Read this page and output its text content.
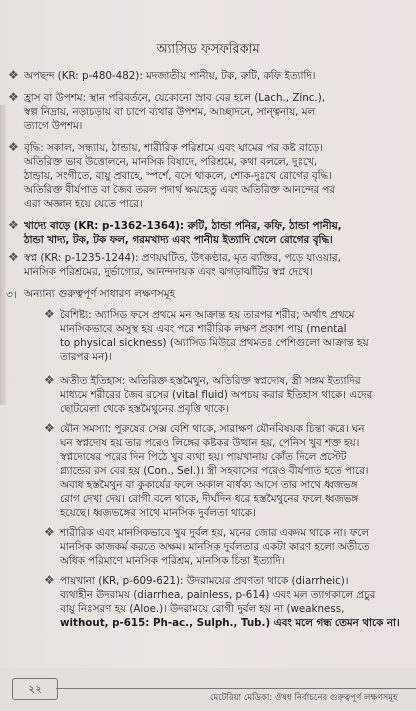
অ্যাসিড ফসফরিকাম
❖ অপছন্দ (KR: p-480-482): মদজাতীয় পানীয়, টক, রুটি, কফি ইত্যাদি।
❖ হ্রাস বা উপশম: স্থান পরিবর্তনে, যেকোনো স্রাব বের হলে (Lach., Zinc.),
স্বল্প নিদ্রায়, নড়াচড়ায় বা চাপে ব্যথার উপশম, আচ্ছাদনে, সান্ত্বনায়, মল
ত্যাগে উপশম।
❖ বৃদ্ধি: সকাল, সন্ধ্যায়, ঠান্ডায়, শারীরিক পরিশ্রমে এবং ঘামের পর কষ্ট বাড়ে।
অতিরিক্ত ভাব উত্তোলনে, মানসিক বিষাদে, পরিশ্রমে, কথা বললে, দুঃখে,
ঠান্ডায়, সংগীতে, বায়ু প্রবাহে, স্পর্শে, বসে থাকলে, শোক-দুঃখে রোগের বৃদ্ধি।
অতিরিক্ত বীর্যপাত বা জৈব তরল পদার্থ ক্ষয়হেতু এবং অতিরিক্ত আনন্দের পর
এরা অজ্ঞান হয়ে যেতে পারে।
❖ খাদ্যে বাড়ে (KR: p-1362-1364): রুটি, ঠান্ডা পনির, কফি, ঠান্ডা পানীয়,
ঠান্ডা খাদ্য, টক, টক ফল, গরমখাদ্য এবং পানীয় ইত্যাদি খেলে রোগের বৃদ্ধি।
❖ স্বপ্ন (KR: p-1235-1244): প্রণয়ঘটিত, উৎকণ্ঠার, মৃত ব্যক্তির, পড়ে যাওয়ার,
মানসিক পরিশ্রমের, দুর্ভাগ্যের, আনন্দদায়ক এবং ঝগড়াঝাঁটির স্বপ্ন দেখে।
৩। অন্যান্য গুরুত্বপূর্ণ সাধারণ লক্ষণসমূহ
❖ বৈশিষ্ট্য: অ্যাসিড ফসে প্রথমে মন আক্রান্ত হয় তারপর শরীর; অর্থাৎ প্রথমে
মানসিকভাবে অসুস্থ হয় এবং পরে শারীরিক লক্ষণ প্রকাশ পায় (mental
to physical sickness) (অ্যাসিড মিউরে প্রথমতঃ পেশিগুলো আক্রান্ত হয়
তারপর মন)।
❖ অতীত ইতিহাস: অতিরিক্ত হস্তমৈথুন, অতিরিক্ত স্বপ্নদোষ, স্ত্রী সঙ্গম ইত্যাদির
মাধ্যমে শরীরের জৈব রসের (vital fluid) অপচয় করার ইতিহাস থাকে। এদের
ছোটবেলা থেকে হস্তমৈথুনের প্রবৃত্তি থাকে।
❖ যৌন সমস্যা: পুরুষের সেক্স বেশি থাকে, সারাক্ষণ যৌনবিষয়ক চিন্তা করে। ঘন
ঘন স্বপ্নদোষ হয় তার পরেও লিঙ্গের কষ্টকর উত্থান হয়, পেনিস খুব শক্ত হয়।
স্বপ্নদোষের পরের দিন পিঠে খুব ব্যথা হয়। পায়খানায় কোঁত দিলে প্রস্টেট
গ্ল্যান্ডের রস বের হয় (Con., Sel.)। স্ত্রী সহবাসের পরেও বীর্যপাত হতে পারে।
অবাধ হস্তমৈথুন বা কুকার্যের ফলে অকাল বার্ধক্য আসে তার সাথে ধ্বজভঙ্গ
রোগ দেখা দেয়। রোগী বলে থাকে, দীর্ঘদিন ধরে হস্তমৈথুনের ফলে ধ্বজভঙ্গ
হয়েছে। ধ্বজভঙ্গের সাথে মানসিক দুর্বলতা থাকে।
❖ শারীরিক এবং মানসিকভাবে খুব দুর্বল হয়, মনের জোর একদম থাকে না। ফলে
মানসিক কাজকর্ম করতে অক্ষম। মানসিক দুর্বলতার একটা কারণ হলো অতীতে
অধিক পরিমাণে মানসিক পরিশ্রম, মানসিক চিন্তা ইত্যাদি।
❖ পায়খানা (KR, p-609-621): উদরাময়ের প্রবণতা থাকে (diarrheic)।
ব্যথাহীন উদরাময় (diarrhea, painless, p-614) এবং মল ত্যাগকালে প্রচুর
বায়ু নিঃসরণ হয় (Aloe.)। উদরাময়ে রোগী দুর্বল হয় না (weakness,
without, p-615: Ph-ac., Sulph., Tub.) এবং মলে গন্ধ তেমন থাকে না।
২২
মেটেরিয়া মেডিকা: ঔষধ নির্বাচনের গুরুত্বপূর্ণ লক্ষণসমূহ
